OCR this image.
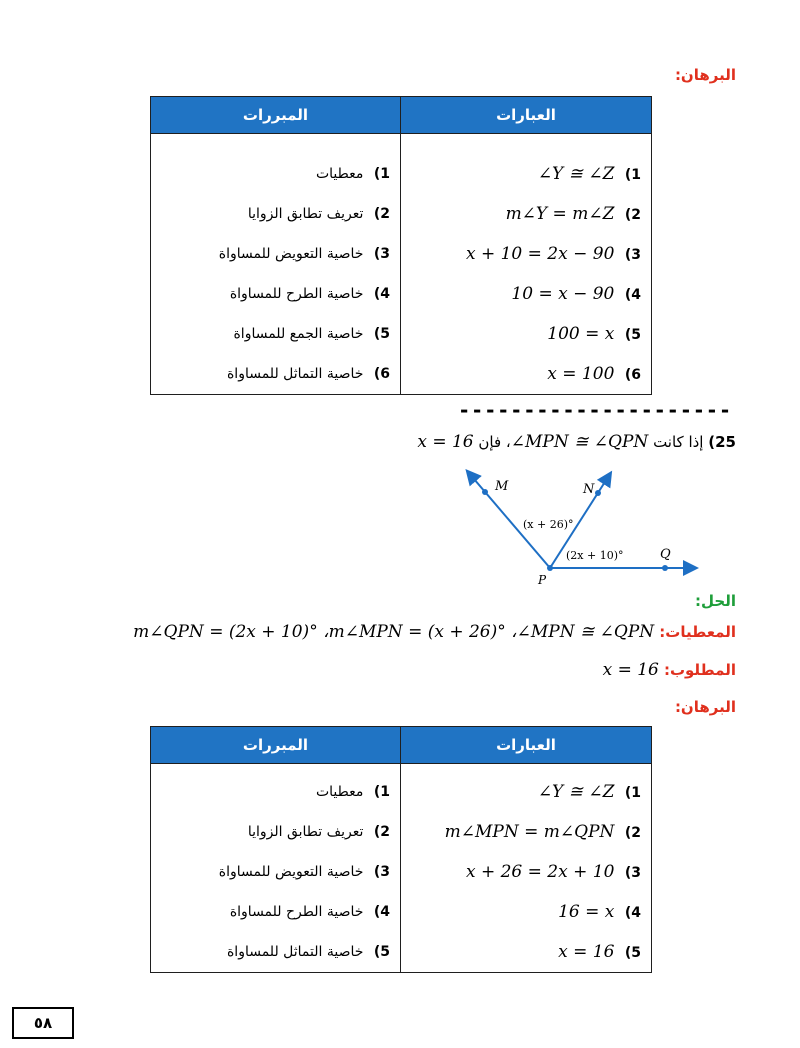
البرهان:
العبارات	المبررات

1) ∠Y ≅ ∠Z	1) معطيات
2) m∠Y = m∠Z	2) تعريف تطابق الزوايا
3) x + 10 = 2x − 90	3) خاصية التعويض للمساواة
4) 10 = x − 90	4) خاصية الطرح للمساواة
5) 100 = x	5) خاصية الجمع للمساواة
6) x = 100	6) خاصية التماثل للمساواة
---------------------
25) إذا كانت ∠MPN ≅ ∠QPN، فإن x = 16
M	N
P
Q
(x + 26)°
(2x + 10)°
الحل:
المعطيات: m∠QPN = (2x + 10)° ،m∠MPN = (x + 26)° ،∠MPN ≅ ∠QPN
المطلوب: x = 16
البرهان:
العبارات	المبررات

1) ∠Y ≅ ∠Z	1) معطيات
2) m∠MPN = m∠QPN	2) تعريف تطابق الزوايا
3) x + 26 = 2x + 10	3) خاصية التعويض للمساواة
4) 16 = x	4) خاصية الطرح للمساواة
5) x = 16	5) خاصية التماثل للمساواة
٥٨
